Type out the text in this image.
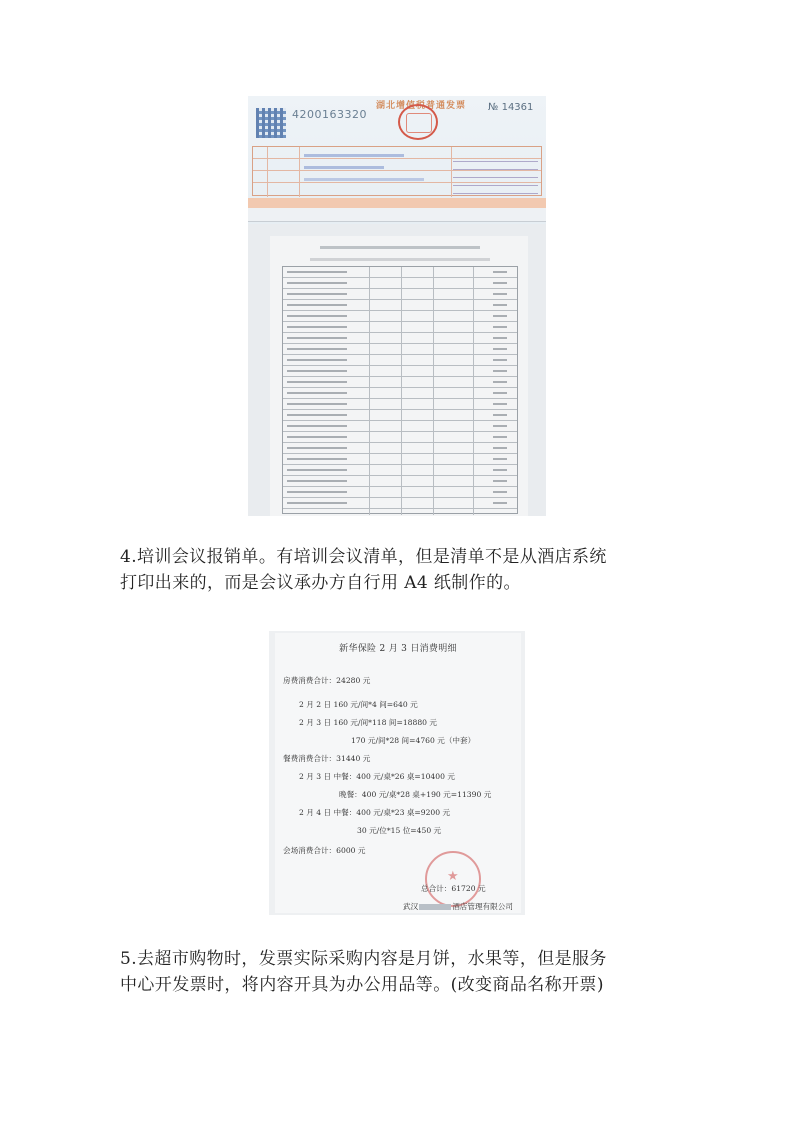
4200163320
湖北增值税普通发票 № 14361
4.培训会议报销单。有培训会议清单，但是清单不是从酒店系统
打印出来的，而是会议承办方自行用 A4 纸制作的。
新华保险 2 月 3 日消费明细
房费消费合计：24280 元
2 月 2 日 160 元/间*4 间=640 元
2 月 3 日 160 元/间*118 间=18880 元
170 元/间*28 间=4760 元（中套）
餐费消费合计：31440 元
2 月 3 日 中餐：400 元/桌*26 桌=10400 元
晚餐：400 元/桌*28 桌+190 元=11390 元
2 月 4 日 中餐：400 元/桌*23 桌=9200 元
30 元/位*15 位=450 元
会场消费合计：6000 元
★
总合计：61720 元
武汉	酒店管理有限公司
5.去超市购物时，发票实际采购内容是月饼，水果等，但是服务
中心开发票时，将内容开具为办公用品等。(改变商品名称开票)
